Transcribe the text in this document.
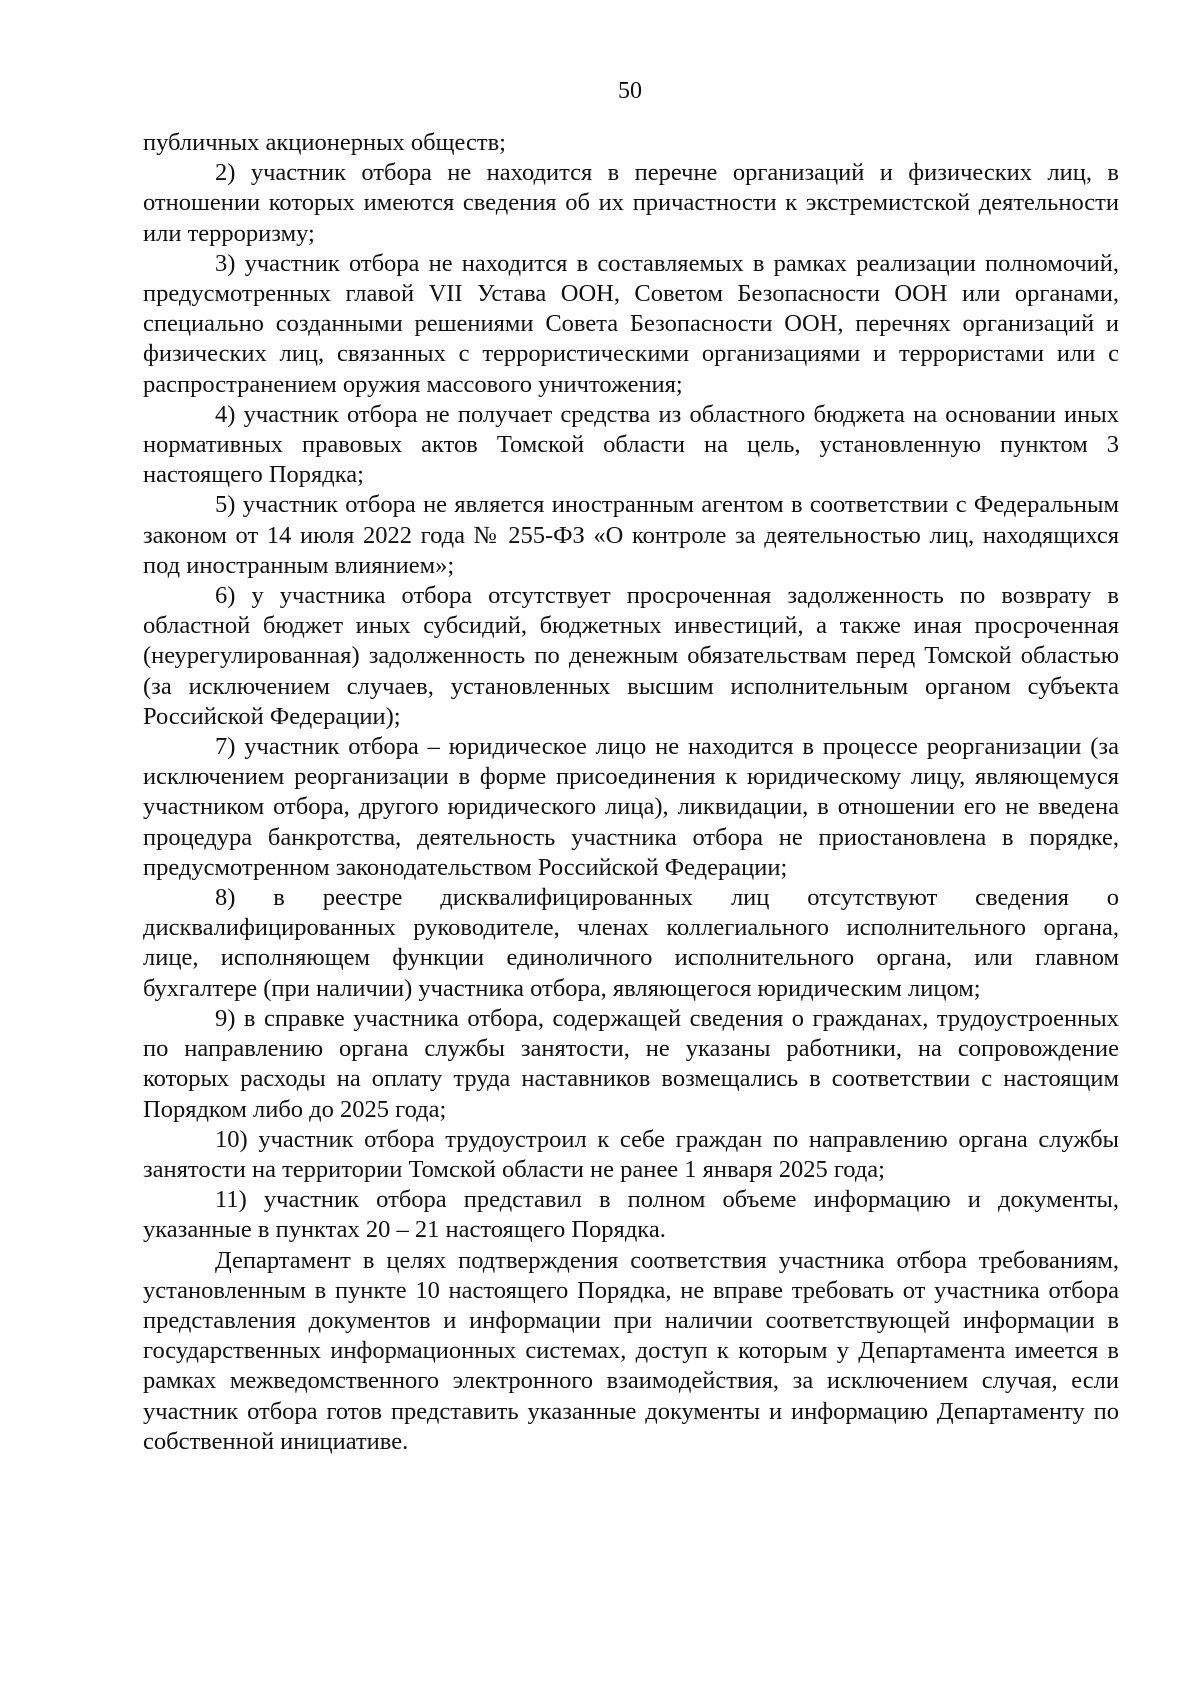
50

публичных акционерных обществ;

2) участник отбора не находится в перечне организаций и физических лиц, в отношении которых имеются сведения об их причастности к экстремистской деятельности или терроризму;

3) участник отбора не находится в составляемых в рамках реализации полномочий, предусмотренных главой VII Устава ООН, Советом Безопасности ООН или органами, специально созданными решениями Совета Безопасности ООН, перечнях организаций и физических лиц, связанных с террористическими организациями и террористами или с распространением оружия массового уничтожения;

4) участник отбора не получает средства из областного бюджета на основании иных нормативных правовых актов Томской области на цель, установленную пунктом 3 настоящего Порядка;

5) участник отбора не является иностранным агентом в соответствии с Федеральным законом от 14 июля 2022 года № 255-ФЗ «О контроле за деятельностью лиц, находящихся под иностранным влиянием»;

6) у участника отбора отсутствует просроченная задолженность по возврату в областной бюджет иных субсидий, бюджетных инвестиций, а также иная просроченная (неурегулированная) задолженность по денежным обязательствам перед Томской областью (за исключением случаев, установленных высшим исполнительным органом субъекта Российской Федерации);

7) участник отбора – юридическое лицо не находится в процессе реорганизации (за исключением реорганизации в форме присоединения к юридическому лицу, являющемуся участником отбора, другого юридического лица), ликвидации, в отношении его не введена процедура банкротства, деятельность участника отбора не приостановлена в порядке, предусмотренном законодательством Российской Федерации;

8) в реестре дисквалифицированных лиц отсутствуют сведения о дисквалифицированных руководителе, членах коллегиального исполнительного органа, лице, исполняющем функции единоличного исполнительного органа, или главном бухгалтере (при наличии) участника отбора, являющегося юридическим лицом;

9) в справке участника отбора, содержащей сведения о гражданах, трудоустроенных по направлению органа службы занятости, не указаны работники, на сопровождение которых расходы на оплату труда наставников возмещались в соответствии с настоящим Порядком либо до 2025 года;

10) участник отбора трудоустроил к себе граждан по направлению органа службы занятости на территории Томской области не ранее 1 января 2025 года;

11) участник отбора представил в полном объеме информацию и документы, указанные в пунктах 20 – 21 настоящего Порядка.

Департамент в целях подтверждения соответствия участника отбора требованиям, установленным в пункте 10 настоящего Порядка, не вправе требовать от участника отбора представления документов и информации при наличии соответствующей информации в государственных информационных системах, доступ к которым у Департамента имеется в рамках межведомственного электронного взаимодействия, за исключением случая, если участник отбора готов представить указанные документы и информацию Департаменту по собственной инициативе.
